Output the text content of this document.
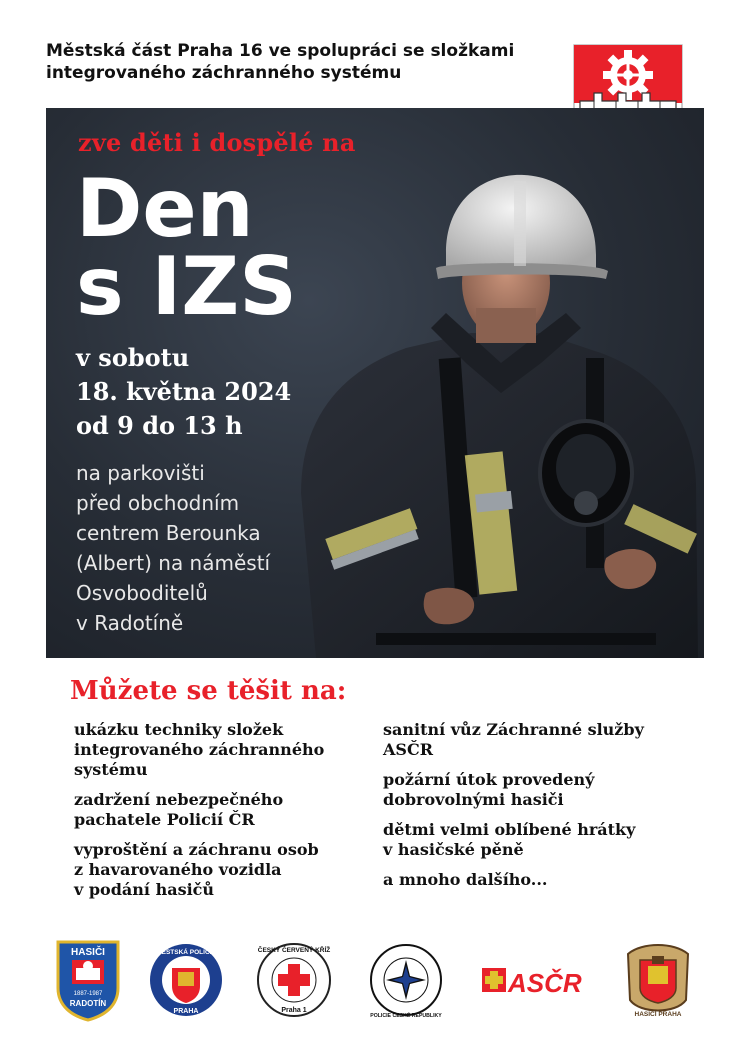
Městská část Praha 16 ve spolupráci se složkami
integrovaného záchranného systému
zve děti i dospělé na
Den
s IZS
v sobotu
18. května 2024
od 9 do 13 h
na parkovišti
před obchodním
centrem Berounka
(Albert) na náměstí
Osvoboditelů
v Radotíně
Můžete se těšit na:
ukázku techniky složek
integrovaného záchranného
systému
zadržení nebezpečného
pachatele Policií ČR
vyproštění a záchranu osob
z havarovaného vozidla
v podání hasičů
sanitní vůz Záchranné služby
ASČR
požární útok provedený
dobrovolnými hasiči
dětmi velmi oblíbené hrátky
v hasičské pěně
a mnoho dalšího...
HASIČI
1887-1987
RADOTÍN
MĚSTSKÁ POLICIE
PRAHA
ČESKÝ ČERVENÝ KŘÍŽ
Praha 1
POLICIE ČESKÉ REPUBLIKY
ASČR
HASIČI PRAHA
